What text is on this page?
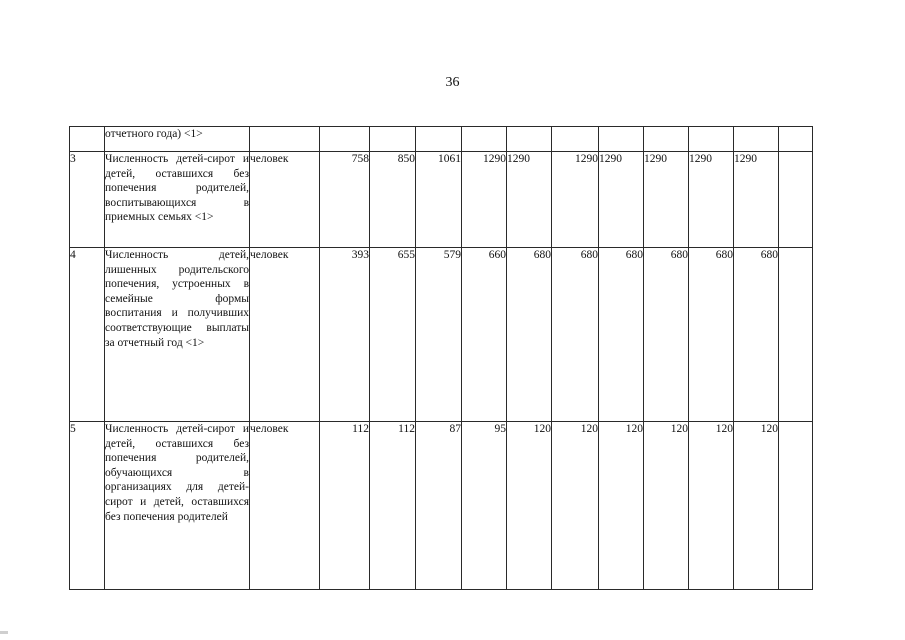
36
	отчетного года) <1>												
3	Численность детей-сирот и детей, оставшихся без попечения родителей, воспитывающихся в приемных семьях <1>	человек	758	850	1061	1290	1290	1290	1290	1290	1290	1290	
4	Численность детей, лишенных родительского попечения, устроенных в семейные формы воспитания и получивших соответствующие выплаты за отчетный год <1>	человек	393	655	579	660	680	680	680	680	680	680	
5	Численность детей-сирот и детей, оставшихся без попечения родителей, обучающихся в организациях для детей-сирот и детей, оставшихся без попечения родителей	человек	112	112	87	95	120	120	120	120	120	120	
